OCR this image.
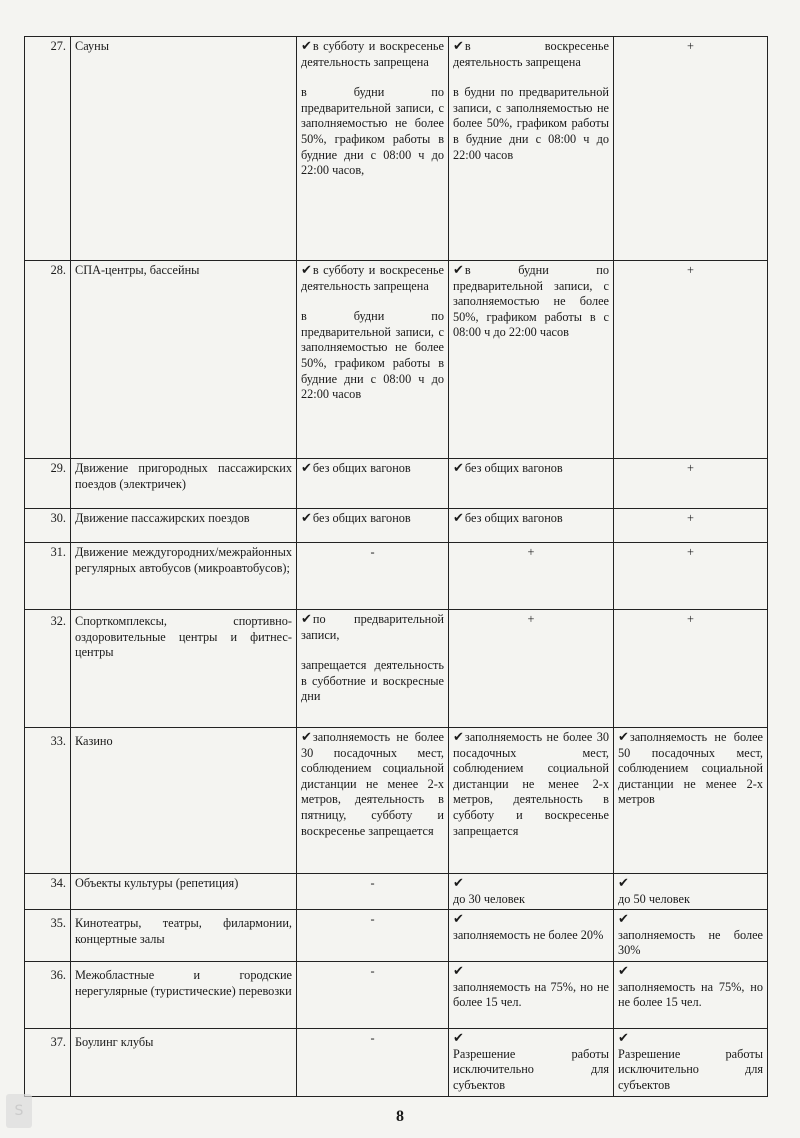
27.	Сауны	✔в субботу и воскресенье деятельность запрещена
в будни по предварительной записи, с заполняемостью не более 50%, графиком работы в будние дни с 08:00 ч до 22:00 часов,	✔в воскресенье деятельность запрещена
в будни по предварительной записи, с заполняемостью не более 50%, графиком работы в будние дни с 08:00 ч до 22:00 часов	+
28.	СПА-центры, бассейны	✔в субботу и воскресенье деятельность запрещена
в будни по предварительной записи, с заполняемостью не более 50%, графиком работы в будние дни с 08:00 ч до 22:00 часов	✔в будни по предварительной записи, с заполняемостью не более 50%, графиком работы в с 08:00 ч до 22:00 часов	+
29.	Движение пригородных пассажирских поездов (электричек)	✔без общих вагонов	✔без общих вагонов	+
30.	Движение пассажирских поездов	✔без общих вагонов	✔без общих вагонов	+
31.	Движение междугородних/межрайонных регулярных автобусов (микроавтобусов);	-	+	+
32.	Спорткомплексы, спортивно-оздоровительные центры и фитнес-центры	✔по предварительной записи,
запрещается деятельность в субботние и воскресные дни	+	+
33.	Казино	✔заполняемость не более 30 посадочных мест, соблюдением социальной дистанции не менее 2-х метров, деятельность в пятницу, субботу и воскресенье запрещается	✔заполняемость не более 30 посадочных мест, соблюдением социальной дистанции не менее 2-х метров, деятельность в субботу и воскресенье запрещается	✔заполняемость не более 50 посадочных мест, соблюдением социальной дистанции не менее 2-х метров
34.	Объекты культуры (репетиция)	-	✔
до 30 человек	✔
до 50 человек

35.	Кинотеатры, театры, филармонии, концертные залы	-	✔
заполняемость не более 20%	✔
заполняемость не более 30%

36.	Межобластные и городские нерегулярные (туристические) перевозки	-	✔
заполняемость на 75%, но не более 15 чел.	✔
заполняемость на 75%, но не более 15 чел.

37.	Боулинг клубы	-	✔
Разрешение работы исключительно для субъектов	✔
Разрешение работы исключительно для субъектов
S	8
